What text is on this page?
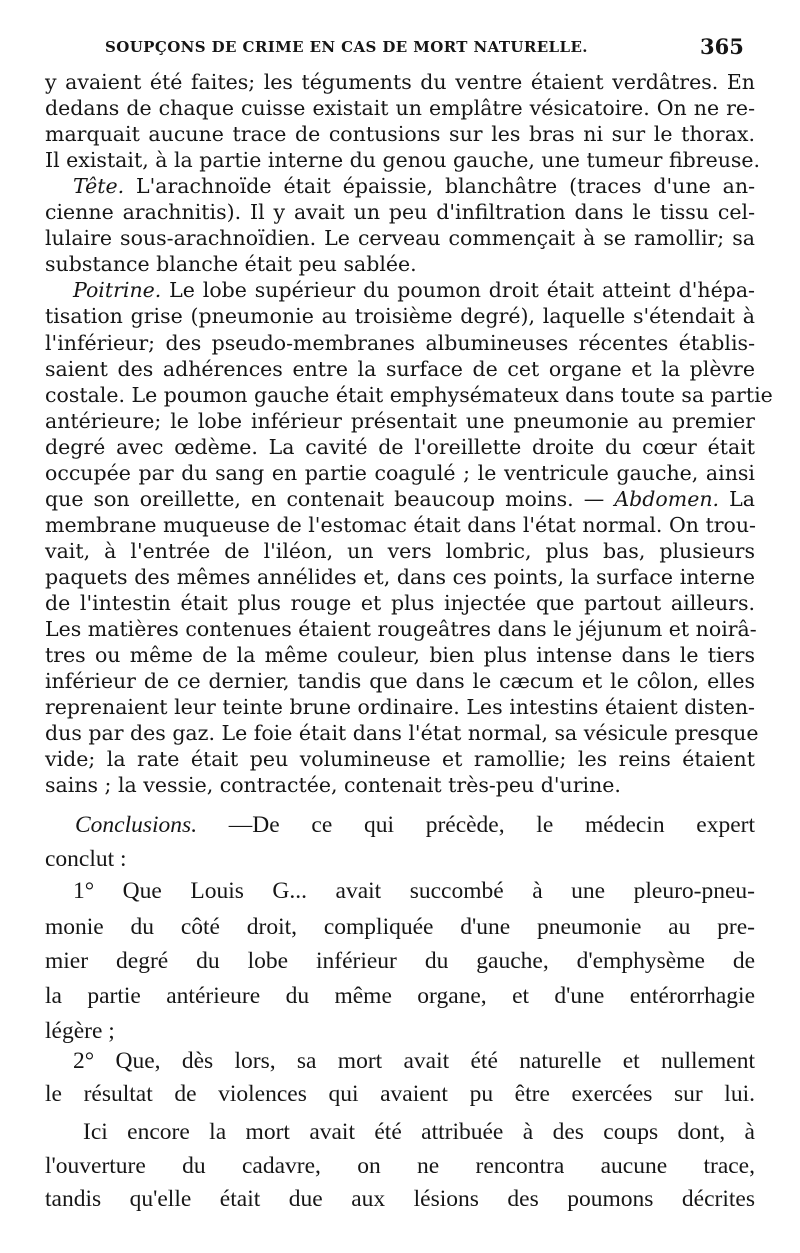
SOUPÇONS DE CRIME EN CAS DE MORT NATURELLE.	365
y avaient été faites; les téguments du ventre étaient verdâtres. En
dedans de chaque cuisse existait un emplâtre vésicatoire. On ne re-
marquait aucune trace de contusions sur les bras ni sur le thorax.
Il existait, à la partie interne du genou gauche, une tumeur fibreuse.
Tête. L'arachnoïde était épaissie, blanchâtre (traces d'une an-
cienne arachnitis). Il y avait un peu d'infiltration dans le tissu cel-
lulaire sous-arachnoïdien. Le cerveau commençait à se ramollir; sa
substance blanche était peu sablée.
Poitrine. Le lobe supérieur du poumon droit était atteint d'hépa-
tisation grise (pneumonie au troisième degré), laquelle s'étendait à
l'inférieur; des pseudo-membranes albumineuses récentes établis-
saient des adhérences entre la surface de cet organe et la plèvre
costale. Le poumon gauche était emphysémateux dans toute sa partie
antérieure; le lobe inférieur présentait une pneumonie au premier
degré avec œdème. La cavité de l'oreillette droite du cœur était
occupée par du sang en partie coagulé ; le ventricule gauche, ainsi
que son oreillette, en contenait beaucoup moins. — Abdomen. La
membrane muqueuse de l'estomac était dans l'état normal. On trou-
vait, à l'entrée de l'iléon, un vers lombric, plus bas, plusieurs
paquets des mêmes annélides et, dans ces points, la surface interne
de l'intestin était plus rouge et plus injectée que partout ailleurs.
Les matières contenues étaient rougeâtres dans le jéjunum et noirâ-
tres ou même de la même couleur, bien plus intense dans le tiers
inférieur de ce dernier, tandis que dans le cæcum et le côlon, elles
reprenaient leur teinte brune ordinaire. Les intestins étaient disten-
dus par des gaz. Le foie était dans l'état normal, sa vésicule presque
vide; la rate était peu volumineuse et ramollie; les reins étaient
sains ; la vessie, contractée, contenait très-peu d'urine.
Conclusions. —De ce qui précède, le médecin expert
conclut :
1° Que Louis G... avait succombé à une pleuro-pneu-
monie du côté droit, compliquée d'une pneumonie au pre-
mier degré du lobe inférieur du gauche, d'emphysème de
la partie antérieure du même organe, et d'une entérorrhagie
légère ;
2° Que, dès lors, sa mort avait été naturelle et nullement
le résultat de violences qui avaient pu être exercées sur lui.
Ici encore la mort avait été attribuée à des coups dont, à
l'ouverture du cadavre, on ne rencontra aucune trace,
tandis qu'elle était due aux lésions des poumons décrites
